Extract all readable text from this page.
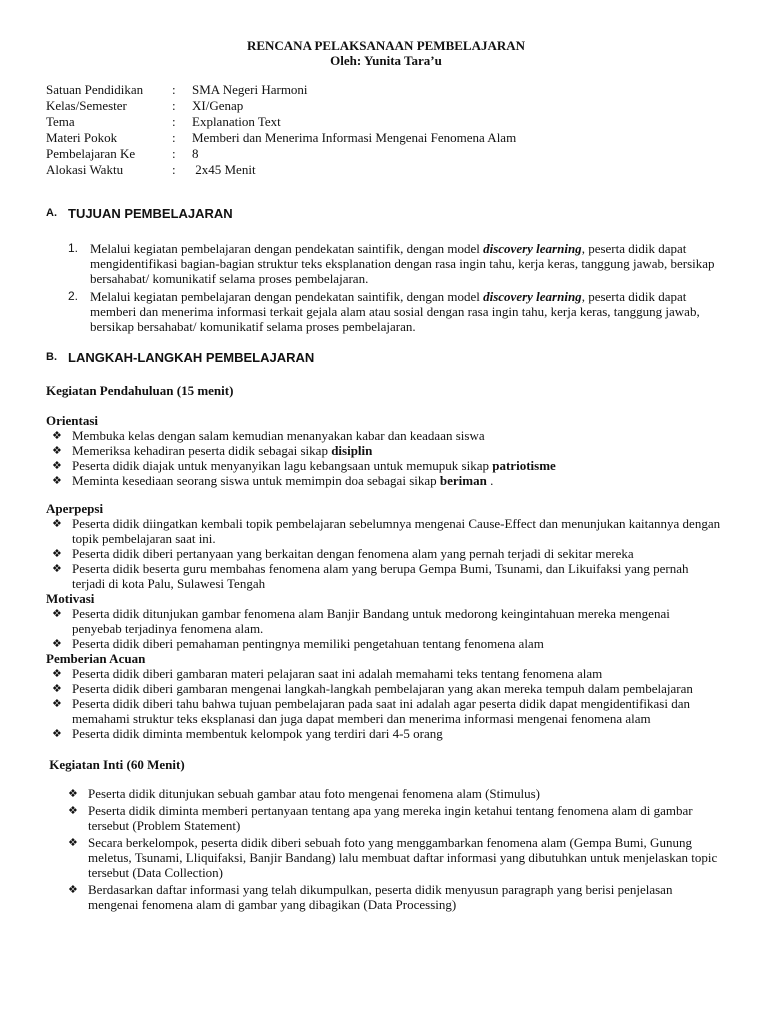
RENCANA PELAKSANAAN PEMBELAJARAN
Oleh: Yunita Tara’u
Satuan Pendidikan	:	SMA Negeri Harmoni
Kelas/Semester	:	XI/Genap
Tema	:	Explanation Text
Materi Pokok	:	Memberi dan Menerima Informasi Mengenai Fenomena Alam
Pembelajaran Ke	:	8
Alokasi Waktu	:	2x45 Menit
A. TUJUAN PEMBELAJARAN
1. Melalui kegiatan pembelajaran dengan pendekatan saintifik, dengan model discovery learning, peserta didik dapat mengidentifikasi bagian-bagian struktur teks eksplanation dengan rasa ingin tahu, kerja keras, tanggung jawab, bersikap bersahabat/ komunikatif selama proses pembelajaran.
2. Melalui kegiatan pembelajaran dengan pendekatan saintifik, dengan model discovery learning, peserta didik dapat memberi dan menerima informasi terkait gejala alam atau sosial dengan rasa ingin tahu, kerja keras, tanggung jawab, bersikap bersahabat/ komunikatif selama proses pembelajaran.
B. LANGKAH-LANGKAH PEMBELAJARAN
Kegiatan Pendahuluan (15 menit)
Orientasi
❖ Membuka kelas dengan salam kemudian menanyakan kabar dan keadaan siswa
❖ Memeriksa kehadiran peserta didik sebagai sikap disiplin
❖ Peserta didik diajak untuk menyanyikan lagu kebangsaan untuk memupuk sikap patriotisme
❖ Meminta kesediaan seorang siswa untuk memimpin doa sebagai sikap beriman .
Aperpepsi
❖ Peserta didik diingatkan kembali topik pembelajaran sebelumnya mengenai Cause-Effect dan menunjukan kaitannya dengan topik pembelajaran saat ini.
❖ Peserta didik diberi pertanyaan yang berkaitan dengan fenomena alam yang pernah terjadi di sekitar mereka
❖ Peserta didik beserta guru membahas fenomena alam yang berupa Gempa Bumi, Tsunami, dan Likuifaksi yang pernah terjadi di kota Palu, Sulawesi Tengah
Motivasi
❖ Peserta didik ditunjukan gambar fenomena alam Banjir Bandang untuk medorong keingintahuan mereka mengenai penyebab terjadinya fenomena alam.
❖ Peserta didik diberi pemahaman pentingnya memiliki pengetahuan tentang fenomena alam
Pemberian Acuan
❖ Peserta didik diberi gambaran materi pelajaran saat ini adalah memahami teks tentang fenomena alam
❖ Peserta didik diberi gambaran mengenai langkah-langkah pembelajaran yang akan mereka tempuh dalam pembelajaran
❖ Peserta didik diberi tahu bahwa tujuan pembelajaran pada saat ini adalah agar peserta didik dapat mengidentifikasi dan memahami struktur teks eksplanasi dan juga dapat memberi dan menerima informasi mengenai fenomena alam
❖ Peserta didik diminta membentuk kelompok yang terdiri dari 4-5 orang
Kegiatan Inti (60 Menit)
❖ Peserta didik ditunjukan sebuah gambar atau foto mengenai fenomena alam (Stimulus)
❖ Peserta didik diminta memberi pertanyaan tentang apa yang mereka ingin ketahui tentang fenomena alam di gambar tersebut (Problem Statement)
❖ Secara berkelompok, peserta didik diberi sebuah foto yang menggambarkan fenomena alam (Gempa Bumi, Gunung meletus, Tsunami, Lliquifaksi, Banjir Bandang) lalu membuat daftar informasi yang dibutuhkan untuk menjelaskan topic tersebut (Data Collection)
❖ Berdasarkan daftar informasi yang telah dikumpulkan, peserta didik menyusun paragraph yang berisi penjelasan mengenai fenomena alam di gambar yang dibagikan (Data Processing)
